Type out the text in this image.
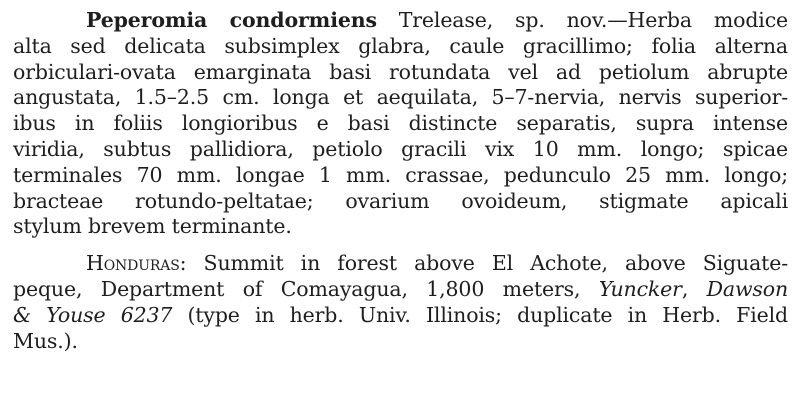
Peperomia condormiens Trelease, sp. nov.—Herba modice
alta sed delicata subsimplex glabra, caule gracillimo; folia alterna
orbiculari-ovata emarginata basi rotundata vel ad petiolum abrupte
angustata, 1.5–2.5 cm. longa et aequilata, 5–7-nervia, nervis superior-
ibus in foliis longioribus e basi distincte separatis, supra intense
viridia, subtus pallidiora, petiolo gracili vix 10 mm. longo; spicae
terminales 70 mm. longae 1 mm. crassae, pedunculo 25 mm. longo;
bracteae rotundo-peltatae; ovarium ovoideum, stigmate apicali
stylum brevem terminante.

Honduras: Summit in forest above El Achote, above Siguate-
peque, Department of Comayagua, 1,800 meters, Yuncker, Dawson
& Youse 6237 (type in herb. Univ. Illinois; duplicate in Herb. Field
Mus.).
